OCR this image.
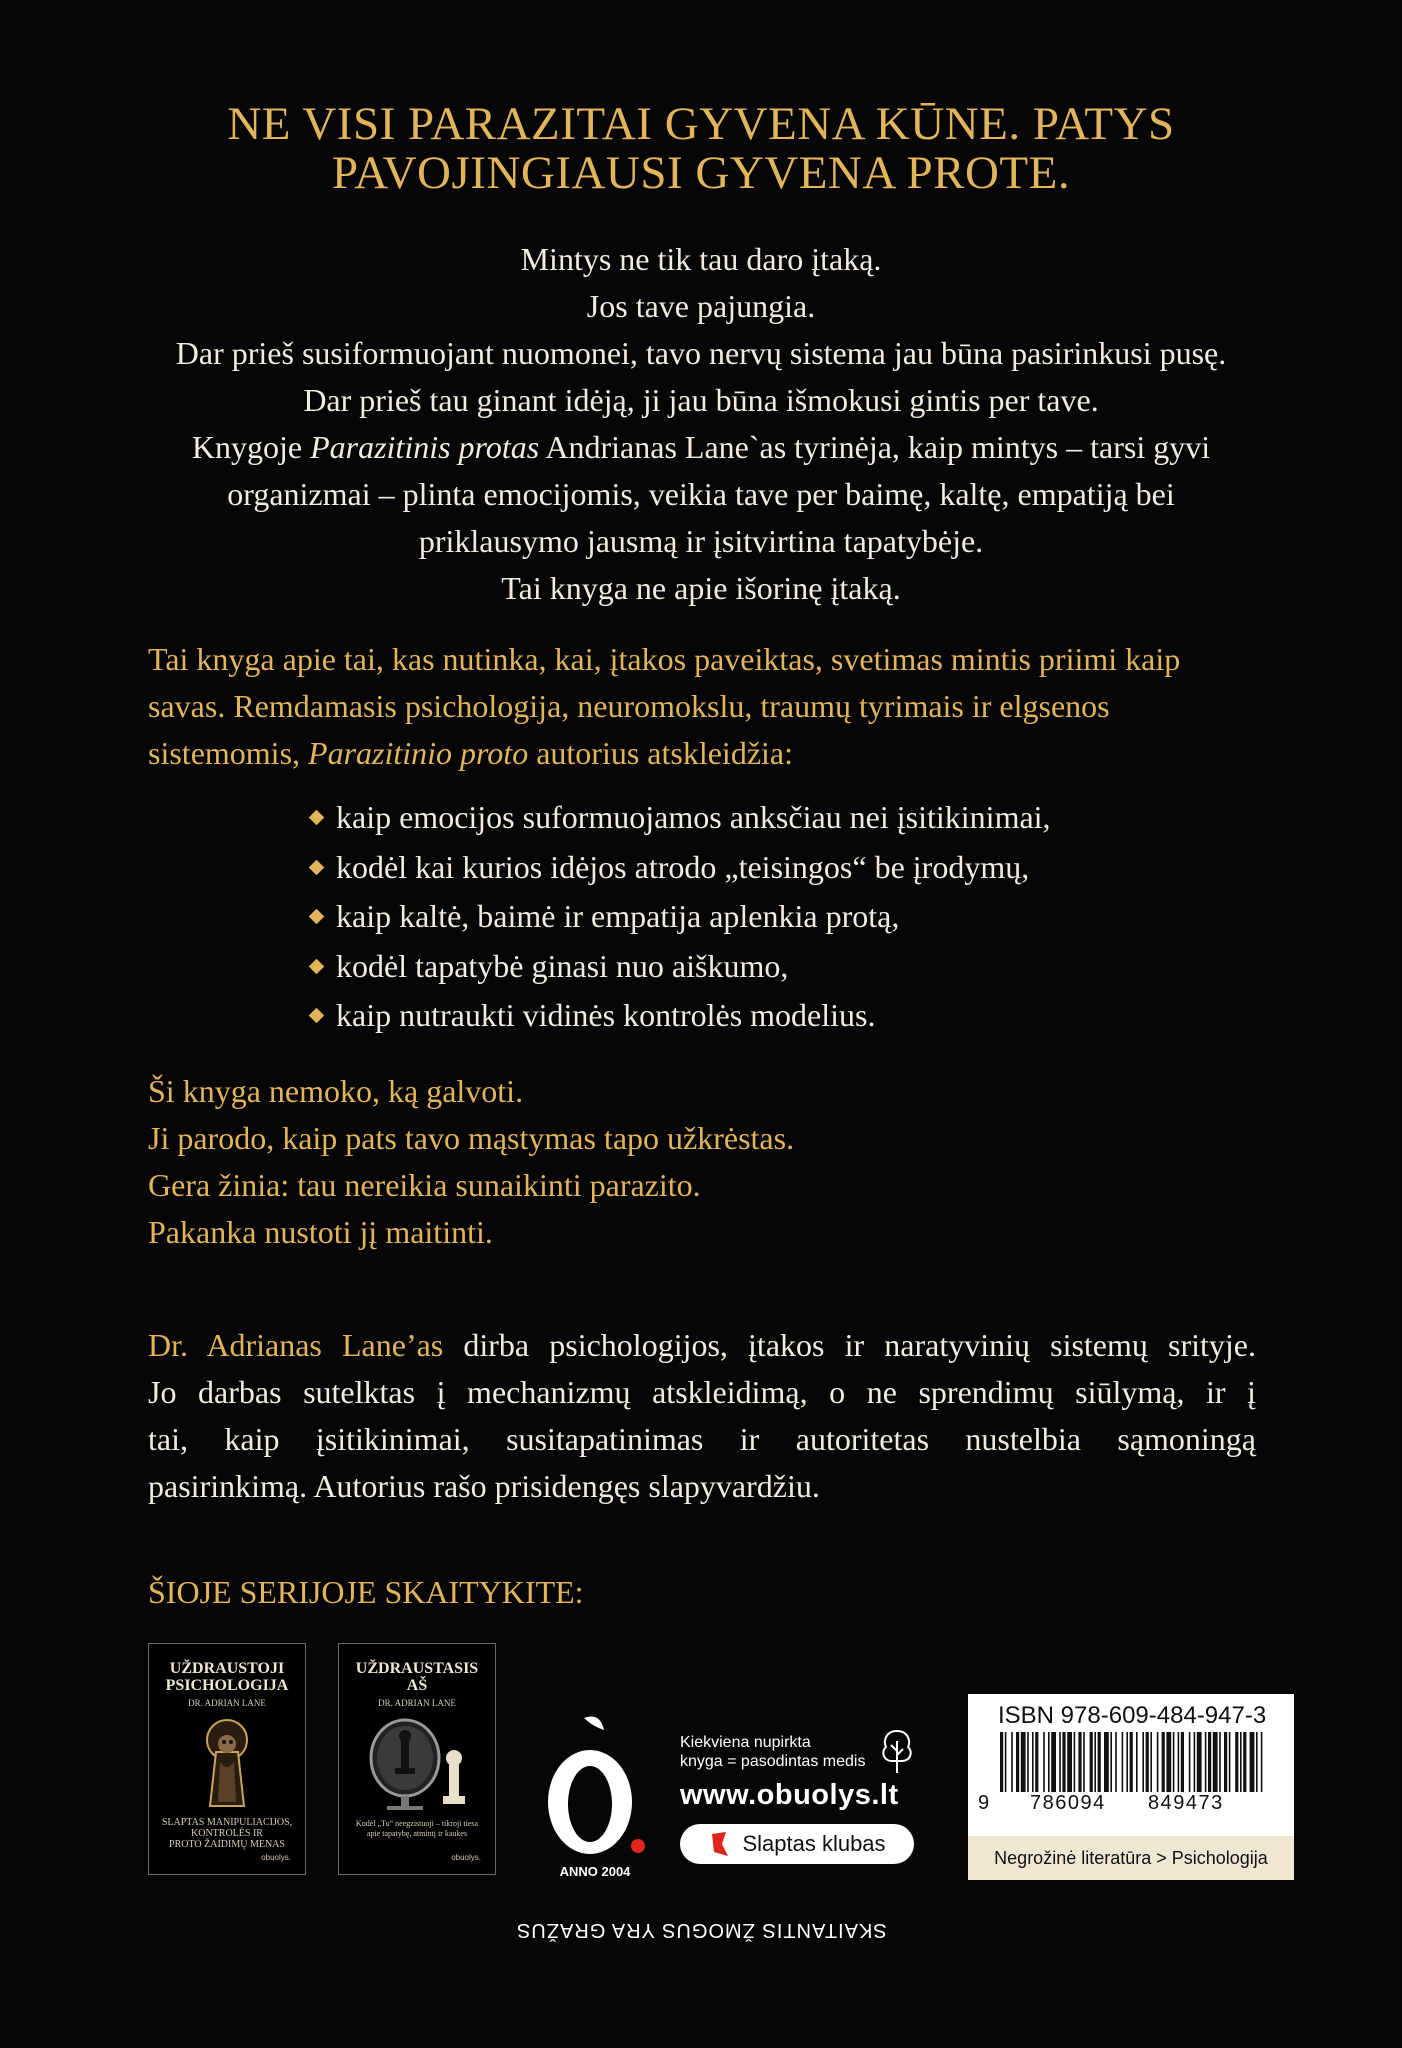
NE VISI PARAZITAI GYVENA KŪNE. PATYS
PAVOJINGIAUSI GYVENA PROTE.
Mintys ne tik tau daro įtaką.
Jos tave pajungia.
Dar prieš susiformuojant nuomonei, tavo nervų sistema jau būna pasirinkusi pusę.
Dar prieš tau ginant idėją, ji jau būna išmokusi gintis per tave.
Knygoje Parazitinis protas Andrianas Lane`as tyrinėja, kaip mintys – tarsi gyvi
organizmai – plinta emocijomis, veikia tave per baimę, kaltę, empatiją bei
priklausymo jausmą ir įsitvirtina tapatybėje.
Tai knyga ne apie išorinę įtaką.
Tai knyga apie tai, kas nutinka, kai, įtakos paveiktas, svetimas mintis priimi kaip
savas. Remdamasis psichologija, neuromokslu, traumų tyrimais ir elgsenos
sistemomis, Parazitinio proto autorius atskleidžia:
kaip emocijos suformuojamos anksčiau nei įsitikinimai,
kodėl kai kurios idėjos atrodo „teisingos“ be įrodymų,
kaip kaltė, baimė ir empatija aplenkia protą,
kodėl tapatybė ginasi nuo aiškumo,
kaip nutraukti vidinės kontrolės modelius.
Ši knyga nemoko, ką galvoti.
Ji parodo, kaip pats tavo mąstymas tapo užkrėstas.
Gera žinia: tau nereikia sunaikinti parazito.
Pakanka nustoti jį maitinti.
Dr. Adrianas Lane’as dirba psichologijos, įtakos ir naratyvinių sistemų srityje.
Jo darbas sutelktas į mechanizmų atskleidimą, o ne sprendimų siūlymą, ir į
tai, kaip įsitikinimai, susitapatinimas ir autoritetas nustelbia sąmoningą
pasirinkimą. Autorius rašo prisidengęs slapyvardžiu.
ŠIOJE SERIJOJE SKAITYKITE:
UŽDRAUSTOJI
PSICHOLOGIJA
DR. ADRIAN LANE
SLAPTAS MANIPULIACIJOS,
KONTROLĖS IR
PROTO ŽAIDIMŲ MENAS
obuolys.
UŽDRAUSTASIS
AŠ
DR. ADRIAN LANE
Kodėl „Tu“ neegzistuoji – tikroji tiesa
apie tapatybę, atmintį ir kaukes
obuolys.
ANNO 2004
Kiekviena nupirkta
knyga = pasodintas medis
www.obuolys.lt
Slaptas klubas
ISBN 978-609-484-947-3
9 786094 849473
Negrožinė literatūra > Psichologija
SKAITANTIS ŽMOGUS YRA GRAŽUS
